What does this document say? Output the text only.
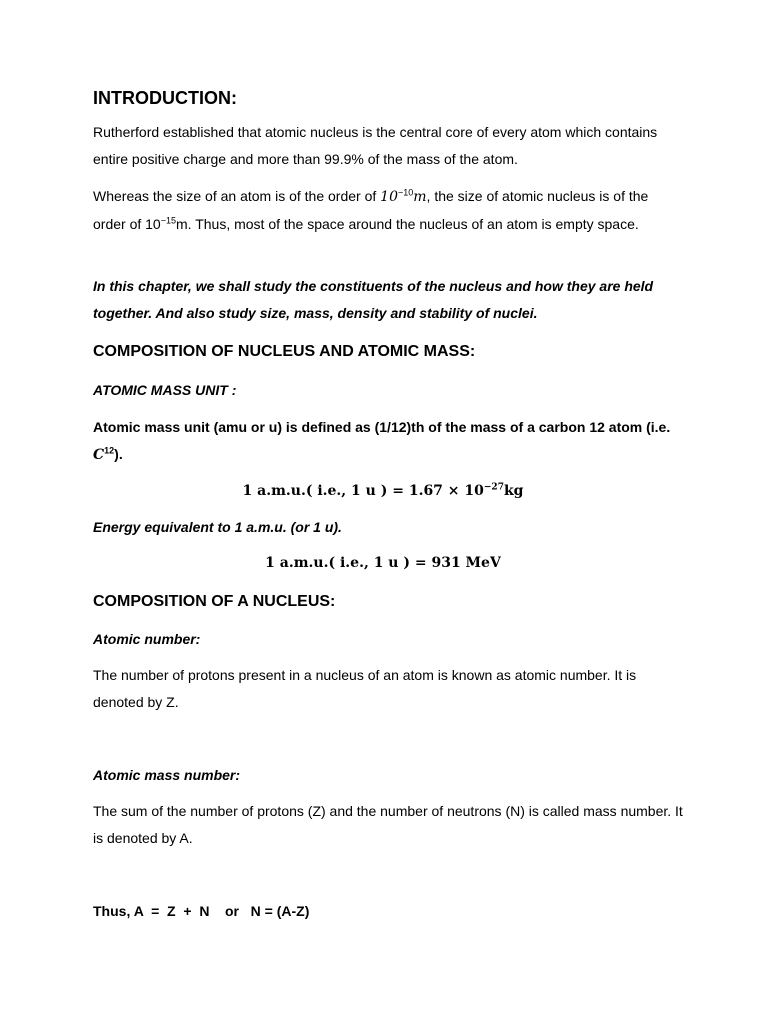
INTRODUCTION:
Rutherford established that atomic nucleus is the central core of every atom which contains entire positive charge and more than 99.9% of the mass of the atom.
Whereas the size of an atom is of the order of $10^{-10}m$, the size of atomic nucleus is of the order of $10^{-15}m$. Thus, most of the space around the nucleus of an atom is empty space.
In this chapter, we shall study the constituents of the nucleus and how they are held together. And also study size, mass, density and stability of nuclei.
COMPOSITION OF NUCLEUS AND ATOMIC MASS:
ATOMIC MASS UNIT :
Atomic mass unit (amu or u) is defined as (1/12)th of the mass of a carbon 12 atom (i.e. $C^{12}$).
1 a.m.u.( i.e., 1 u ) = $1.67 \times 10^{-27}kg$
Energy equivalent to 1 a.m.u. (or 1 u).
1 a.m.u.( i.e., 1 u ) = 931 MeV
COMPOSITION OF A NUCLEUS:
Atomic number:
The number of protons present in a nucleus of an atom is known as atomic number. It is denoted by Z.
Atomic mass number:
The sum of the number of protons (Z) and the number of neutrons (N) is called mass number. It is denoted by A.
Thus, A  =  Z  +  N    or   N = (A-Z)
